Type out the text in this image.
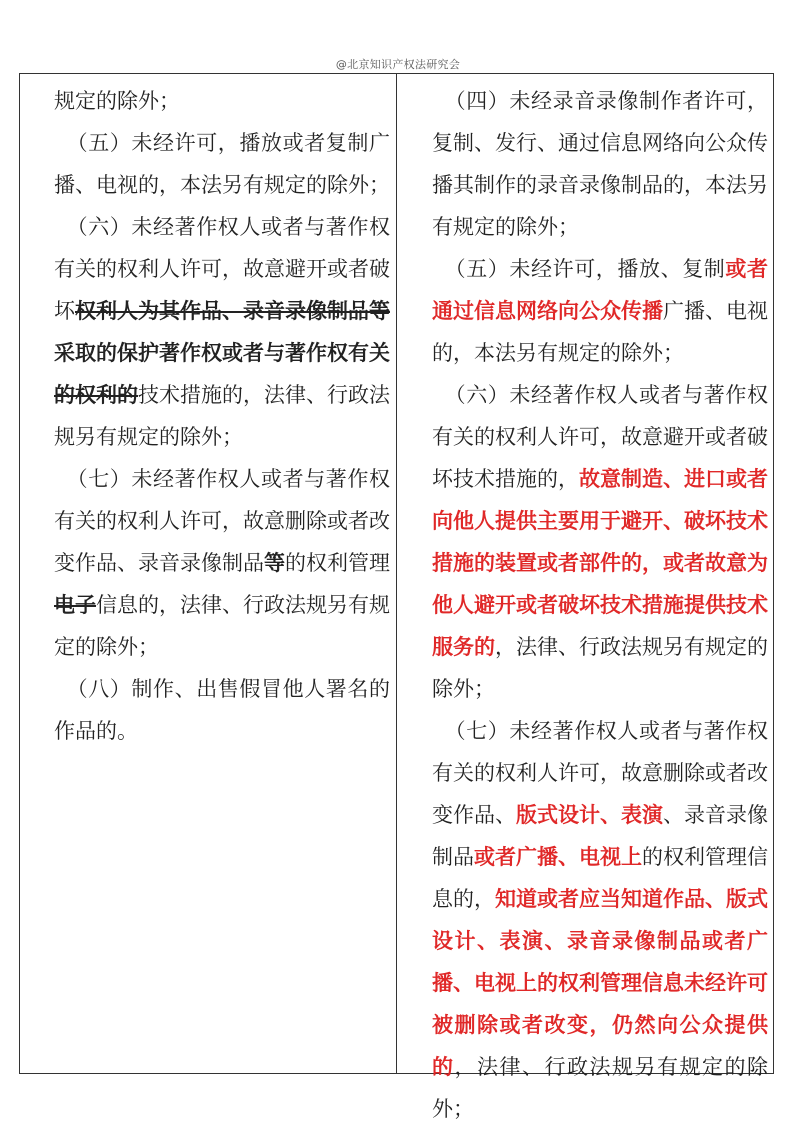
@北京知识产权法研究会

规定的除外；

（五）未经许可，播放或者复制广播、电视的，本法另有规定的除外；

（六）未经著作权人或者与著作权有关的权利人许可，故意避开或者破坏权利人为其作品、录音录像制品等采取的保护著作权或者与著作权有关的权利的技术措施的，法律、行政法规另有规定的除外；

（七）未经著作权人或者与著作权有关的权利人许可，故意删除或者改变作品、录音录像制品等的权利管理电子信息的，法律、行政法规另有规定的除外；

（八）制作、出售假冒他人署名的作品的。

（四）未经录音录像制作者许可，复制、发行、通过信息网络向公众传播其制作的录音录像制品的，本法另有规定的除外；

（五）未经许可，播放、复制或者通过信息网络向公众传播广播、电视的，本法另有规定的除外；

（六）未经著作权人或者与著作权有关的权利人许可，故意避开或者破坏技术措施的，故意制造、进口或者向他人提供主要用于避开、破坏技术措施的装置或者部件的，或者故意为他人避开或者破坏技术措施提供技术服务的，法律、行政法规另有规定的除外；

（七）未经著作权人或者与著作权有关的权利人许可，故意删除或者改变作品、版式设计、表演、录音录像制品或者广播、电视上的权利管理信息的，知道或者应当知道作品、版式设计、表演、录音录像制品或者广播、电视上的权利管理信息未经许可被删除或者改变，仍然向公众提供的，法律、行政法规另有规定的除外；
